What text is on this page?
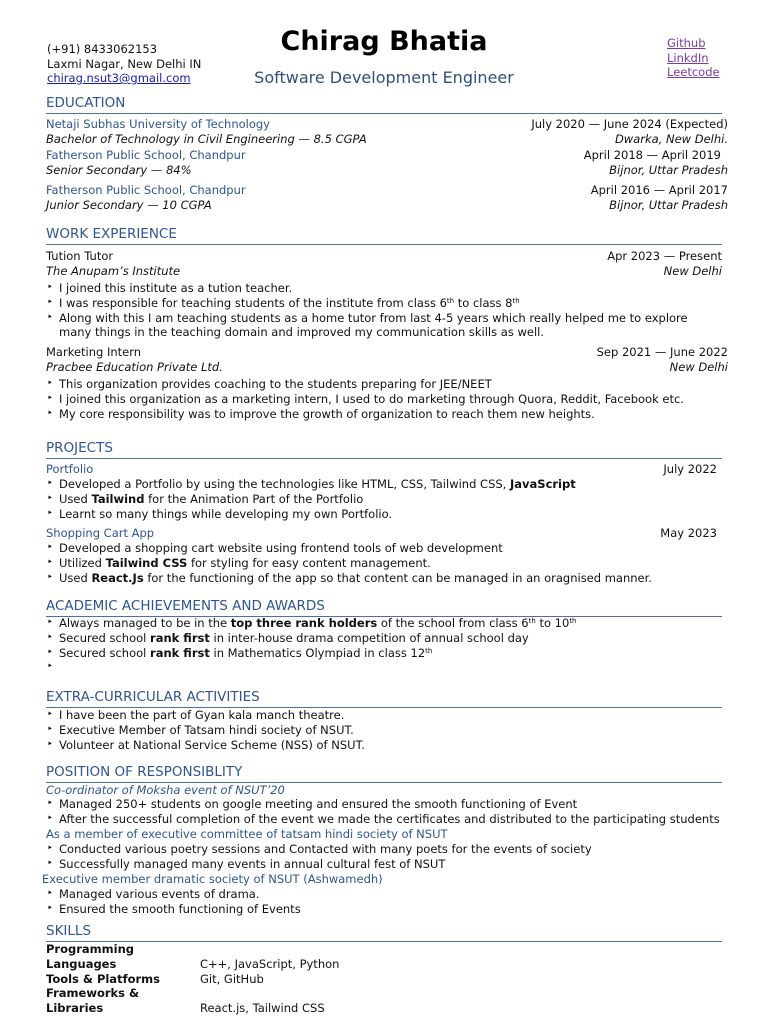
(+91) 8433062153
Laxmi Nagar, New Delhi IN
chirag.nsut3@gmail.com
Chirag Bhatia
Software Development Engineer
Github
LinkdIn
Leetcode
EDUCATION
Netaji Subhas University of Technology	July 2020 — June 2024 (Expected)
Bachelor of Technology in Civil Engineering — 8.5 CGPA	Dwarka, New Delhi.
Fatherson Public School, Chandpur	April 2018 — April 2019
Senior Secondary — 84%	Bijnor, Uttar Pradesh
Fatherson Public School, Chandpur	April 2016 — April 2017
Junior Secondary — 10 CGPA	Bijnor, Uttar Pradesh
WORK EXPERIENCE
Tution Tutor	Apr 2023 — Present
The Anupam’s Institute	New Delhi
‣ I joined this institute as a tution teacher.
‣ I was responsible for teaching students of the institute from class 6th to class 8th
‣ Along with this I am teaching students as a home tutor from last 4-5 years which really helped me to explore many things in the teaching domain and improved my communication skills as well.
Marketing Intern	Sep 2021 — June 2022
Pracbee Education Private Ltd.	New Delhi
‣ This organization provides coaching to the students preparing for JEE/NEET
‣ I joined this organization as a marketing intern, I used to do marketing through Quora, Reddit, Facebook etc.
‣ My core responsibility was to improve the growth of organization to reach them new heights.
PROJECTS
Portfolio	July 2022
‣ Developed a Portfolio by using the technologies like HTML, CSS, Tailwind CSS, JavaScript
‣ Used Tailwind for the Animation Part of the Portfolio
‣ Learnt so many things while developing my own Portfolio.
Shopping Cart App	May 2023
‣ Developed a shopping cart website using frontend tools of web development
‣ Utilized Tailwind CSS for styling for easy content management.
‣ Used React.Js for the functioning of the app so that content can be managed in an oragnised manner.
ACADEMIC ACHIEVEMENTS AND AWARDS
‣ Always managed to be in the top three rank holders of the school from class 6th to 10th
‣ Secured school rank first in inter-house drama competition of annual school day
‣ Secured school rank first in Mathematics Olympiad in class 12th
‣
EXTRA-CURRICULAR ACTIVITIES
‣ I have been the part of Gyan kala manch theatre.
‣ Executive Member of Tatsam hindi society of NSUT.
‣ Volunteer at National Service Scheme (NSS) of NSUT.
POSITION OF RESPONSIBLITY
Co-ordinator of Moksha event of NSUT’20
‣ Managed 250+ students on google meeting and ensured the smooth functioning of Event
‣ After the successful completion of the event we made the certificates and distributed to the participating students
As a member of executive committee of tatsam hindi society of NSUT
‣ Conducted various poetry sessions and Contacted with many poets for the events of society
‣ Successfully managed many events in annual cultural fest of NSUT
Executive member dramatic society of NSUT (Ashwamedh)
‣ Managed various events of drama.
‣ Ensured the smooth functioning of Events
SKILLS
Programming Languages	C++, JavaScript, Python
Tools & Platforms	Git, GitHub
Frameworks & Libraries	React.js, Tailwind CSS
